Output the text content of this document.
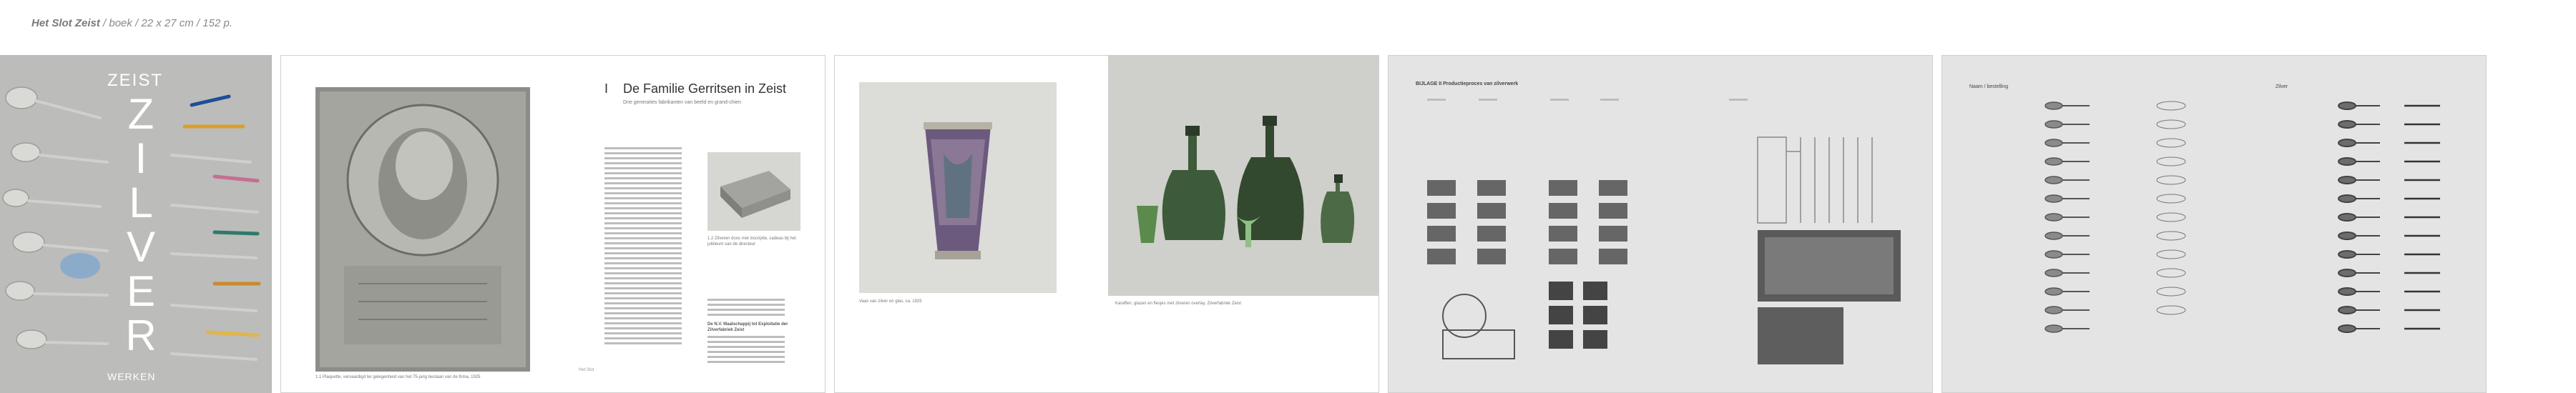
Het Slot Zeist / boek / 22 x 27 cm / 152 p.
ZEIST
Z
I
L
V
E
R
WERKEN	1.1 Plaquette, vervaardigd ter gelegenheid van het 75-jarig bestaan van de firma, 1925
I De Familie Gerritsen in Zeist
Drie generaties fabrikanten van beeld en grand-chien
1.2 Zilveren doos met inscriptie, cadeau bij het jubileum van de directeur
De N.V. Maatschappij tot Exploitatie der Zilverfabriek Zeist
Het Slot
Vaas van zilver en glas, ca. 1925	Karaffen, glazen en flesjes met zilveren overlay, Zilverfabriek Zeist
BIJLAGE II Productieproces van zilverwerk
Naam / bestelling	Zilver
